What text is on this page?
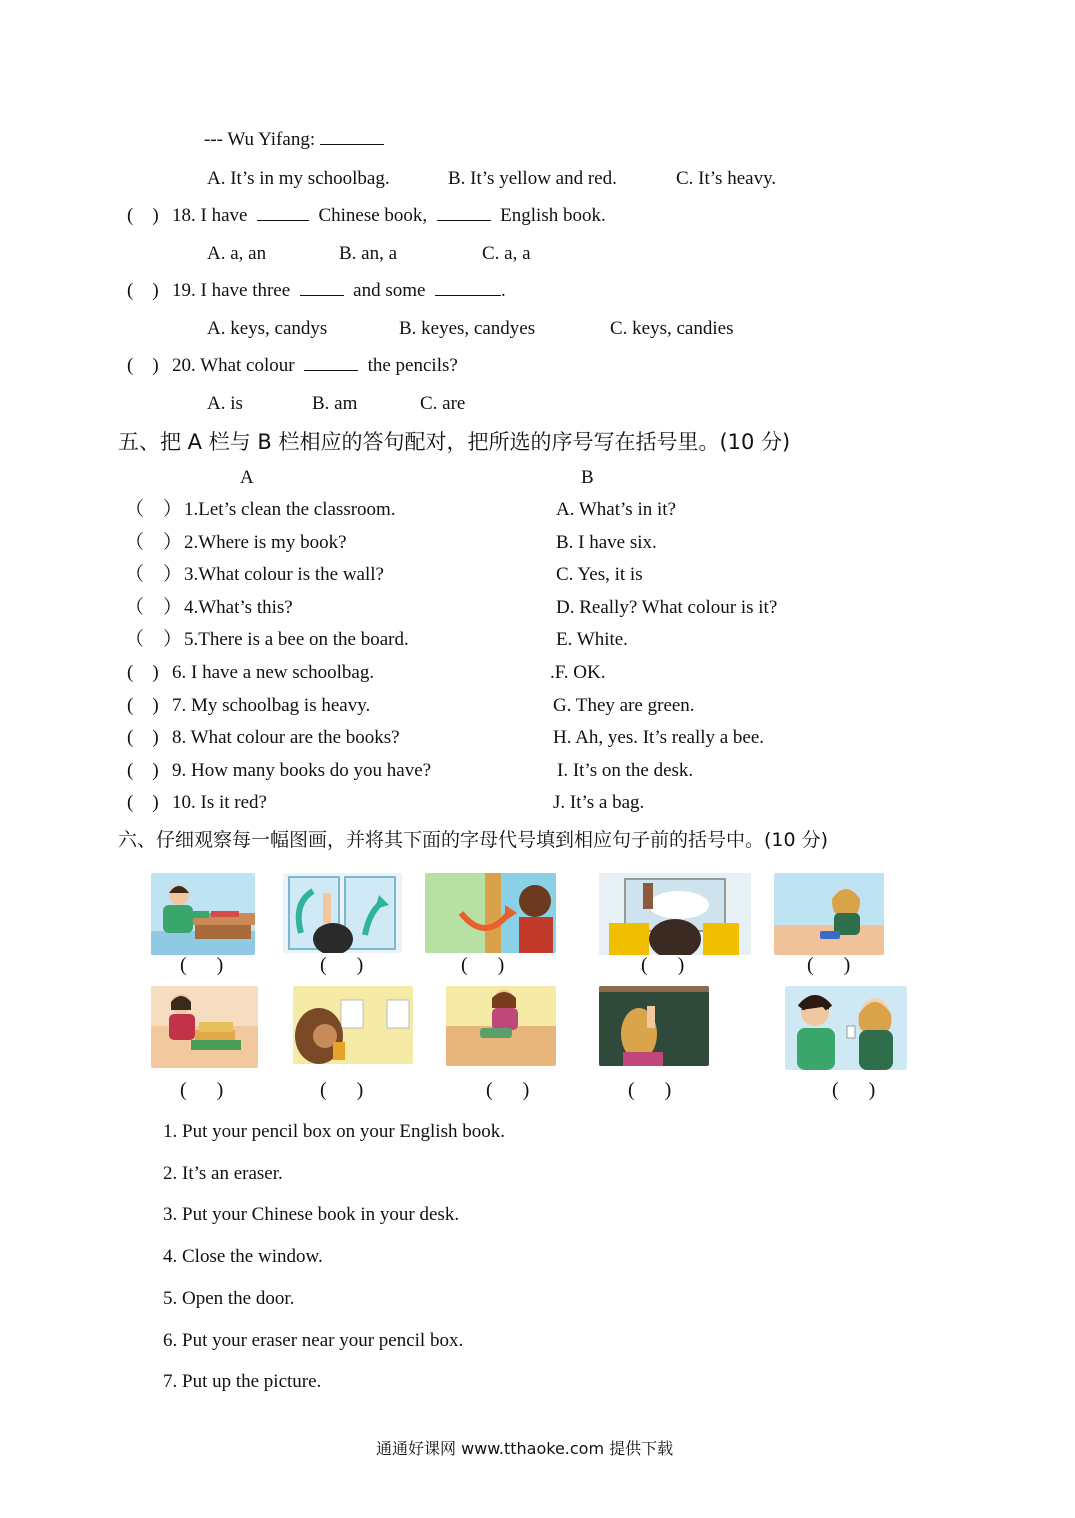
--- Wu Yifang:
A. It’s in my schoolbag.	B. It’s yellow and red.	C. It’s heavy.
(    ) 18. I have	Chinese book,	English book.
A. a, an	B. an, a	C. a, a
(    ) 19. I have three	and some	.
A. keys, candys	B. keyes, candyes	C. keys, candies
(    ) 20. What colour	the pencils?
A. is	B. am	C. are
五、把 A 栏与 B 栏相应的答句配对，把所选的序号写在括号里。(10 分)
A	B
（    ） 1.Let’s clean the classroom.	A. What’s in it?
（    ） 2.Where is my book?	B. I have six.
（    ） 3.What colour is the wall?	C. Yes, it is
（    ） 4.What’s this?	D. Really? What colour is it?
（    ） 5.There is a bee on the board.	E. White.
(    ) 6. I have a new schoolbag.	.F. OK.
(    ) 7. My schoolbag is heavy.	G. They are green.
(    ) 8. What colour are the books?	H. Ah, yes. It’s really a bee.
(    ) 9. How many books do you have?	I. It’s on the desk.
(    ) 10. Is it red?	J. It’s a bag.
六、仔细观察每一幅图画，并将其下面的字母代号填到相应句子前的括号中。(10 分)
(      )	(      )	(      )	(      )	(      )
(      )	(      )	(      )	(      )	(      )
1. Put your pencil box on your English book.
2. It’s an eraser.
3. Put your Chinese book in your desk.
4. Close the window.
5. Open the door.
6. Put your eraser near your pencil box.
7. Put up the picture.
通通好课网 www.tthaoke.com 提供下载
